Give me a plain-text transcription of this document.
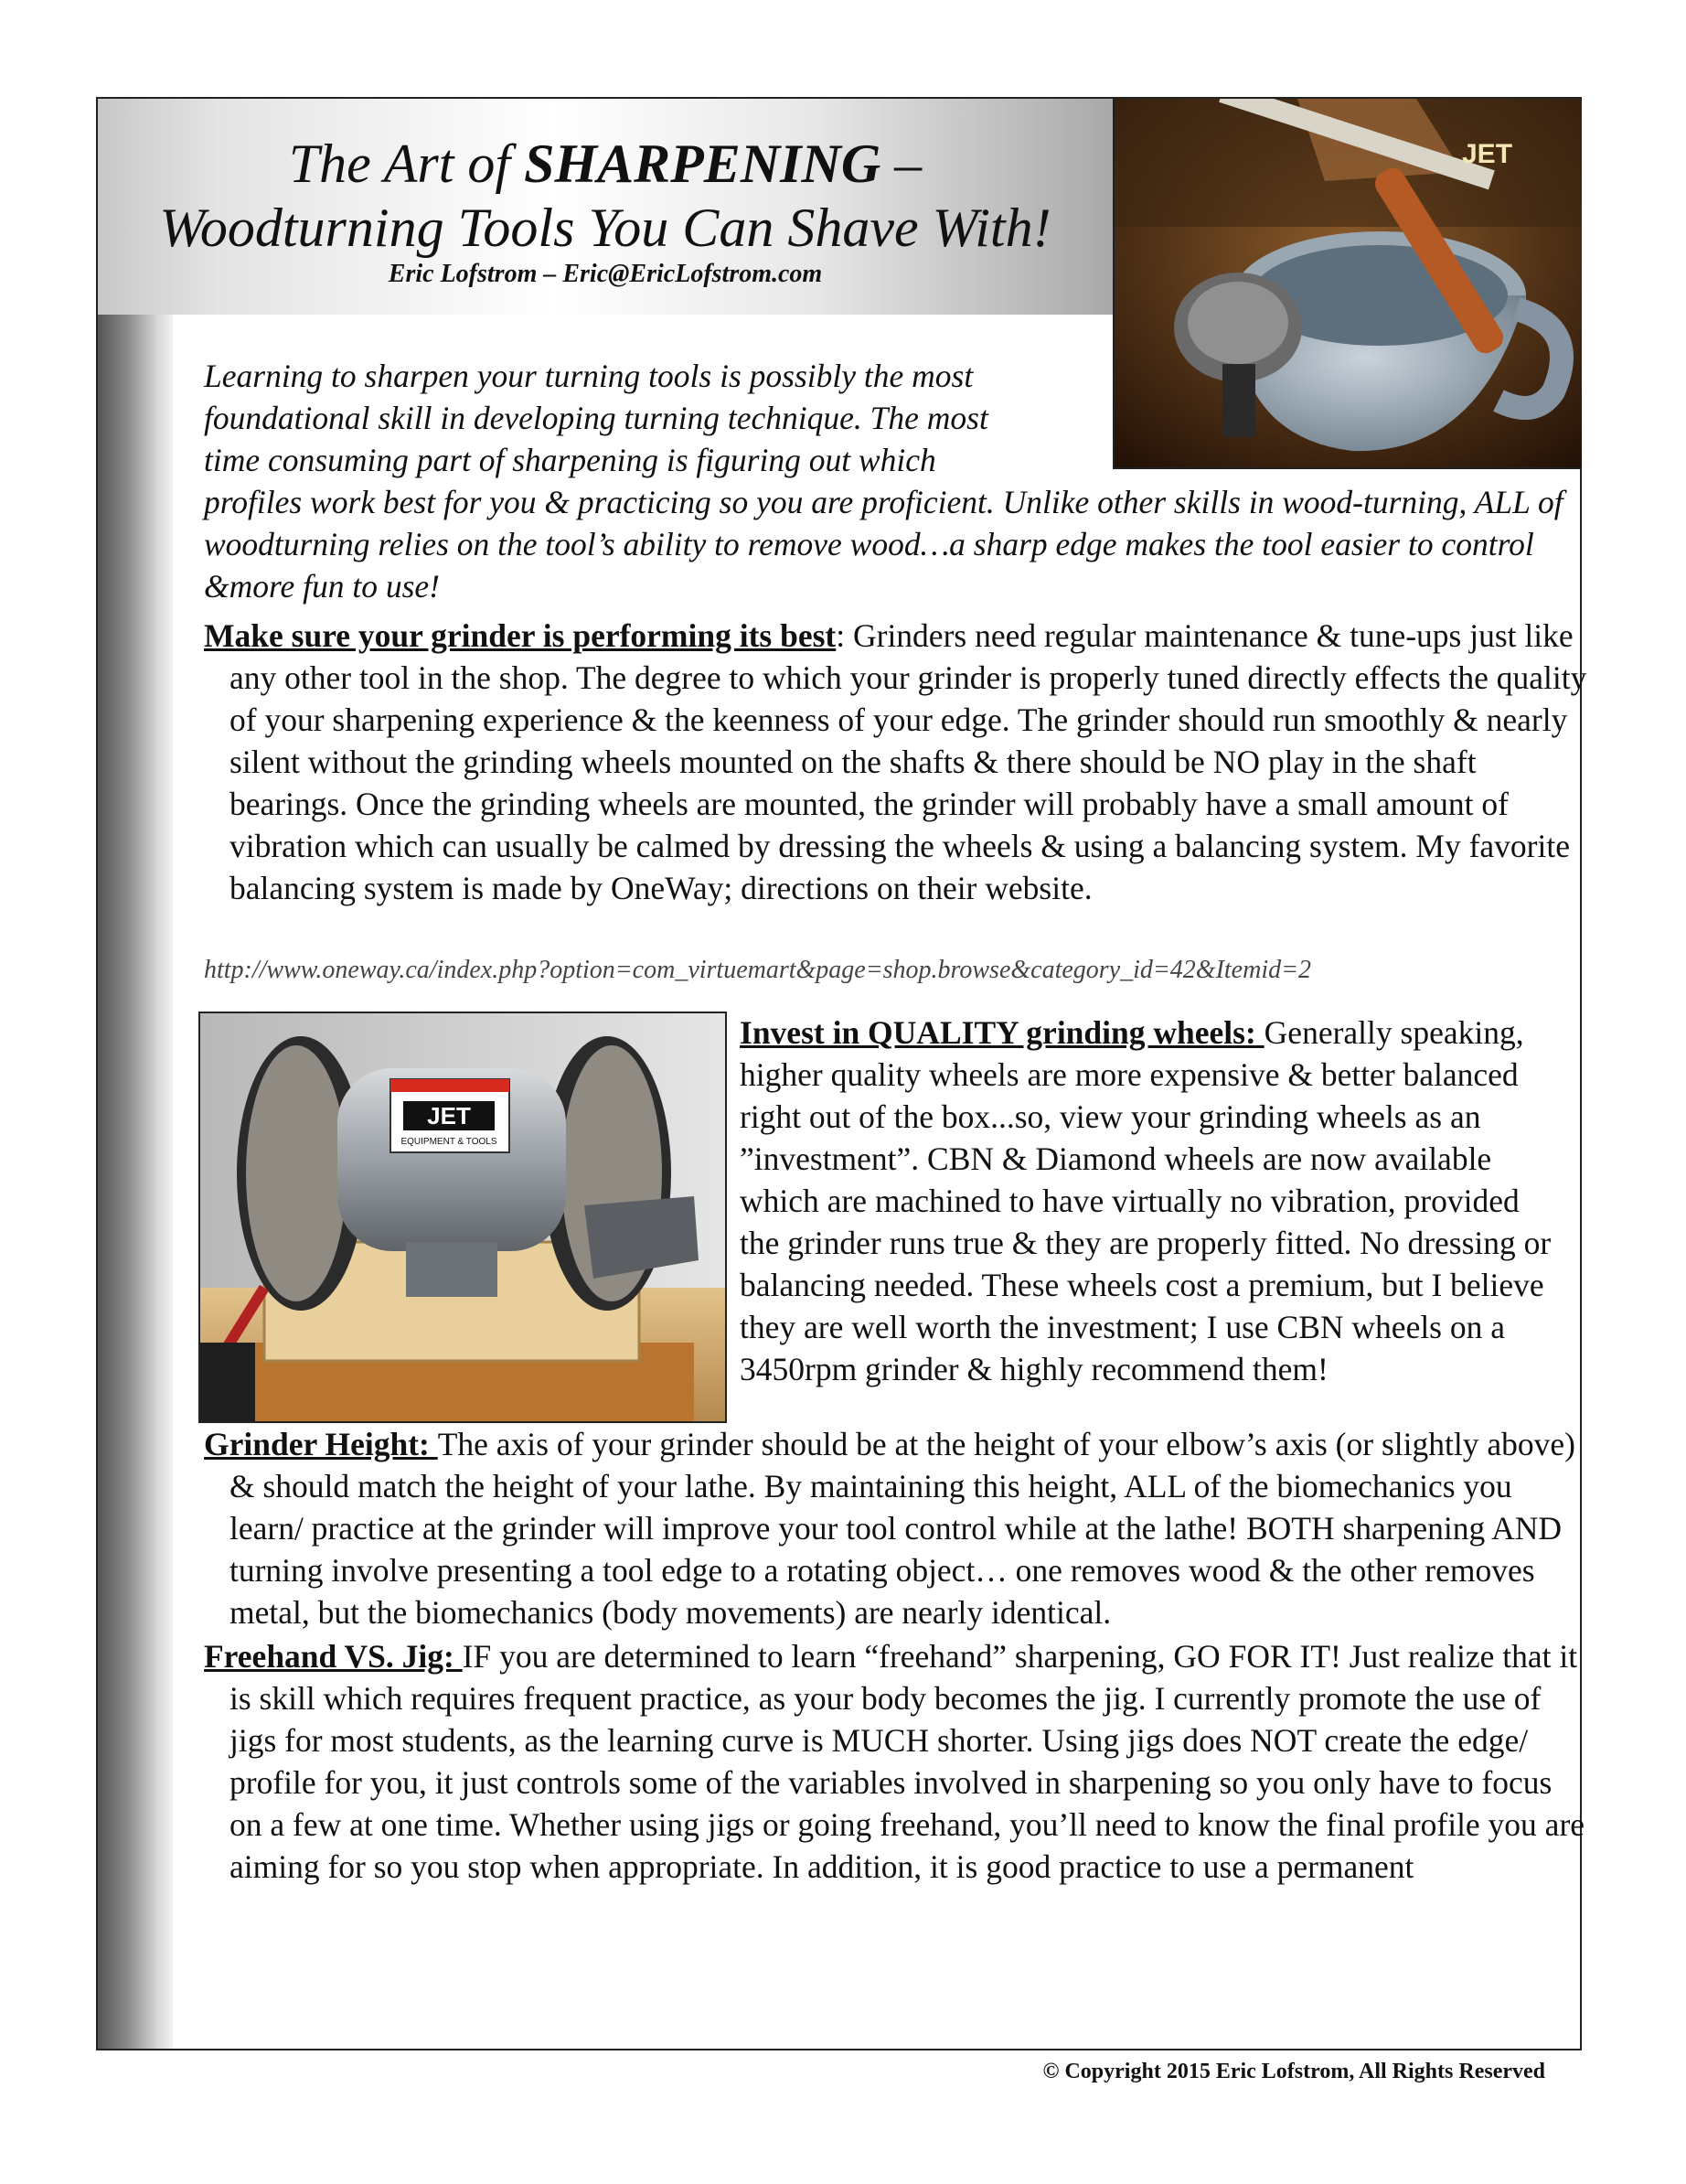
The Art of SHARPENING –
Woodturning Tools You Can Shave With!
Eric Lofstrom – Eric@EricLofstrom.com
JET
JET
EQUIPMENT & TOOLS
Learning to sharpen your turning tools is possibly the most
foundational skill in developing turning technique. The most
time consuming part of sharpening is figuring out which
profiles work best for you & practicing so you are proficient. Unlike other skills in wood-turning, ALL of woodturning relies on the tool’s ability to remove wood…a sharp edge makes the tool easier to control &more fun to use!
Make sure your grinder is performing its best: Grinders need regular maintenance & tune-ups just like any other tool in the shop. The degree to which your grinder is properly tuned directly effects the quality of your sharpening experience & the keenness of your edge. The grinder should run smoothly & nearly silent without the grinding wheels mounted on the shafts & there should be NO play in the shaft bearings. Once the grinding wheels are mounted, the grinder will probably have a small amount of vibration which can usually be calmed by dressing the wheels & using a balancing system. My favorite balancing system is made by OneWay; directions on their website.
http://www.oneway.ca/index.php?option=com_virtuemart&page=shop.browse&category_id=42&Itemid=2
Invest in QUALITY grinding wheels: Generally speaking, higher quality wheels are more expensive & better balanced right out of the box...so, view your grinding wheels as an ”investment”. CBN & Diamond wheels are now available which are machined to have virtually no vibration, provided the grinder runs true & they are properly fitted. No dressing or balancing needed. These wheels cost a premium, but I believe they are well worth the investment; I use CBN wheels on a 3450rpm grinder & highly recommend them!
Grinder Height: The axis of your grinder should be at the height of your elbow’s axis (or slightly above) & should match the height of your lathe. By maintaining this height, ALL of the biomechanics you learn/ practice at the grinder will improve your tool control while at the lathe! BOTH sharpening AND turning involve presenting a tool edge to a rotating object… one removes wood & the other removes metal, but the biomechanics (body movements) are nearly identical.
Freehand VS. Jig: IF you are determined to learn “freehand” sharpening, GO FOR IT! Just realize that it is skill which requires frequent practice, as your body becomes the jig. I currently promote the use of jigs for most students, as the learning curve is MUCH shorter. Using jigs does NOT create the edge/ profile for you, it just controls some of the variables involved in sharpening so you only have to focus on a few at one time. Whether using jigs or going freehand, you’ll need to know the final profile you are aiming for so you stop when appropriate. In addition, it is good practice to use a permanent
© Copyright 2015 Eric Lofstrom, All Rights Reserved
